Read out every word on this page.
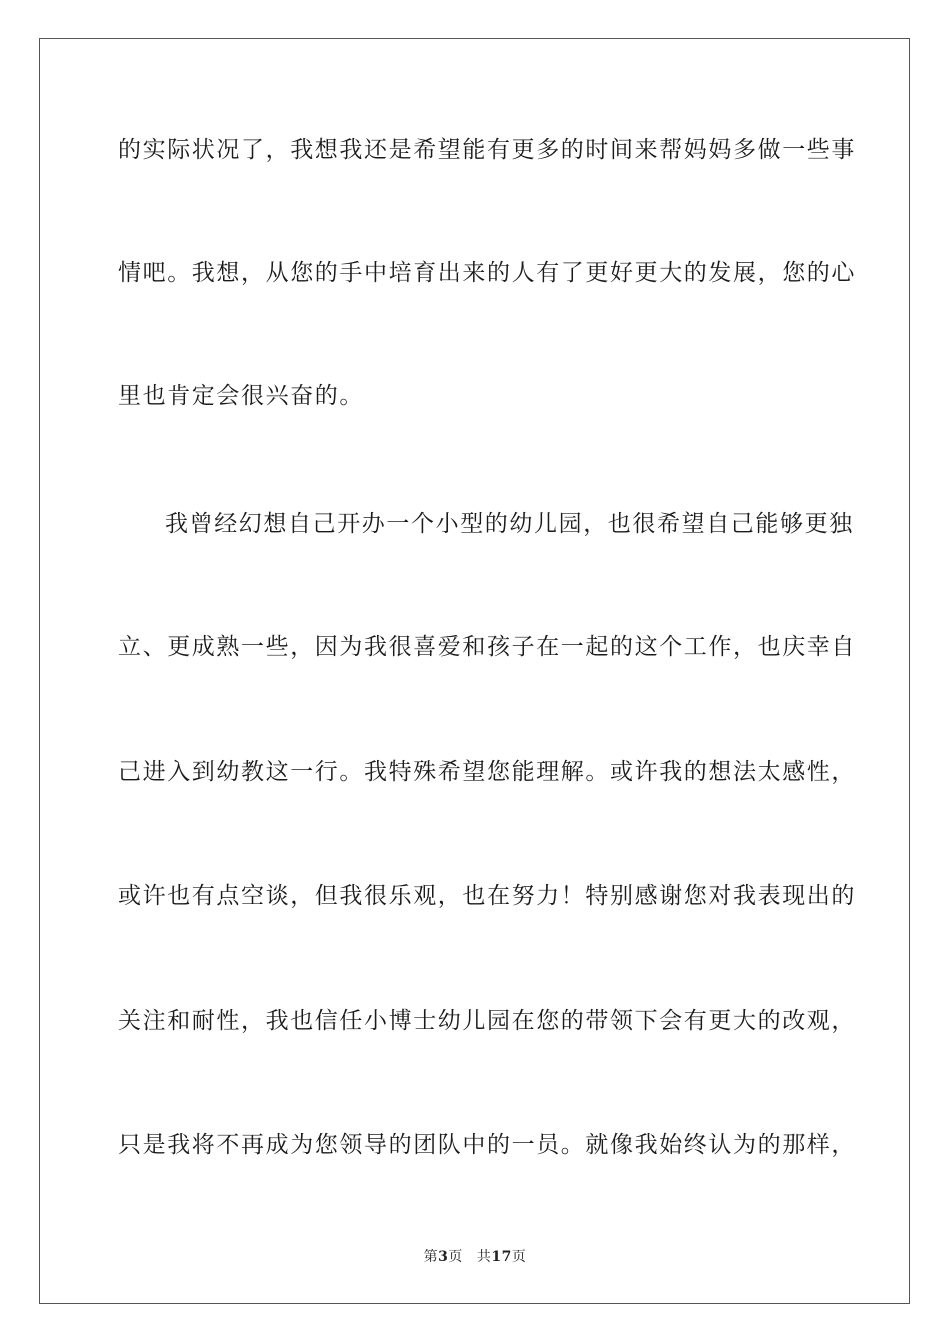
的实际状况了，我想我还是希望能有更多的时间来帮妈妈多做一些事
情吧。我想，从您的手中培育出来的人有了更好更大的发展，您的心
里也肯定会很兴奋的。
我曾经幻想自己开办一个小型的幼儿园，也很希望自己能够更独
立、更成熟一些，因为我很喜爱和孩子在一起的这个工作，也庆幸自
己进入到幼教这一行。我特殊希望您能理解。或许我的想法太感性，
或许也有点空谈，但我很乐观，也在努力！特别感谢您对我表现出的
关注和耐性，我也信任小博士幼儿园在您的带领下会有更大的改观，
只是我将不再成为您领导的团队中的一员。就像我始终认为的那样，
第3页 共17页
